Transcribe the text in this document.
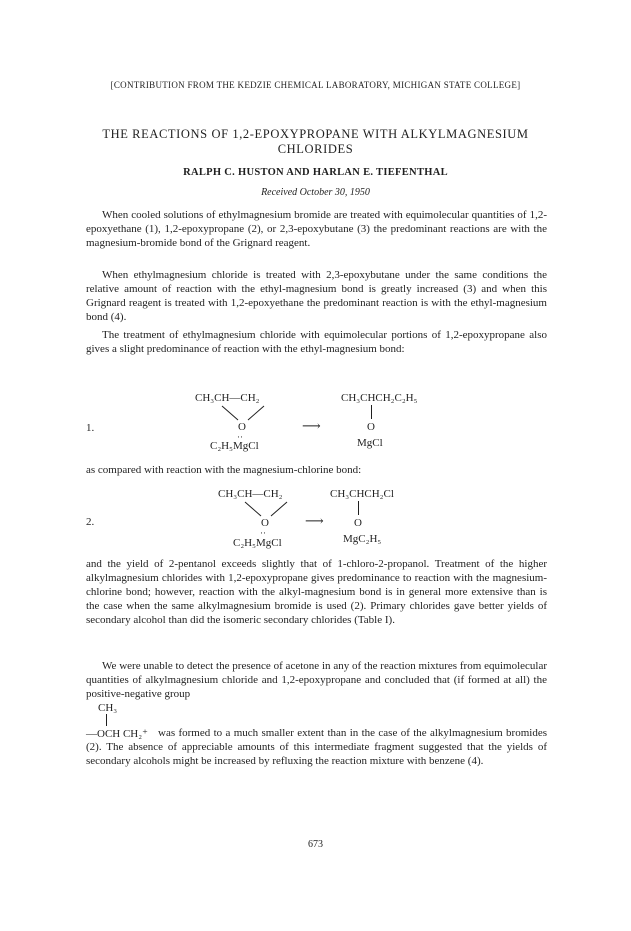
[CONTRIBUTION FROM THE KEDZIE CHEMICAL LABORATORY, MICHIGAN STATE COLLEGE]
THE REACTIONS OF 1,2-EPOXYPROPANE WITH ALKYLMAGNESIUM CHLORIDES
RALPH C. HUSTON AND HARLAN E. TIEFENTHAL
Received October 30, 1950

When cooled solutions of ethylmagnesium bromide are treated with equimolecular quantities of 1,2-epoxyethane (1), 1,2-epoxypropane (2), or 2,3-epoxybutane (3) the predominant reactions are with the magnesium-bromide bond of the Grignard reagent.

When ethylmagnesium chloride is treated with 2,3-epoxybutane under the same conditions the relative amount of reaction with the ethyl-magnesium bond is greatly increased (3) and when this Grignard reagent is treated with 1,2-epoxyethane the predominant reaction is with the ethyl-magnesium bond (4).

The treatment of ethylmagnesium chloride with equimolecular portions of 1,2-epoxypropane also gives a slight predominance of reaction with the ethyl-magnesium bond:

1.
CH₃CH—CH₂
O
··
C₂H₅MgCl
⟶
CH₃CHCH₂C₂H₅
O
MgCl

as compared with reaction with the magnesium-chlorine bond:

2.
CH₃CH—CH₂
O
··
C₂H₅MgCl
⟶
CH₃CHCH₂Cl
O
MgC₂H₅

and the yield of 2-pentanol exceeds slightly that of 1-chloro-2-propanol. Treatment of the higher alkylmagnesium chlorides with 1,2-epoxypropane gives predominance to reaction with the magnesium-chlorine bond; however, reaction with the alkyl-magnesium bond is in general more extensive than is the case when the same alkylmagnesium bromide is used (2). Primary chlorides gave better yields of secondary alcohol than did the isomeric secondary chlorides (Table I).

We were unable to detect the presence of acetone in any of the reaction mixtures from equimolecular quantities of alkylmagnesium chloride and 1,2-epoxypropane and concluded that (if formed at all) the positive-negative group

CH₃

was formed to a much smaller extent than in the case of the alkylmagnesium bromides (2). The absence of appreciable amounts of this intermediate fragment suggested that the yields of secondary alcohols might be increased by refluxing the reaction mixture with benzene (4).

—OCH CH₂⁺
673
